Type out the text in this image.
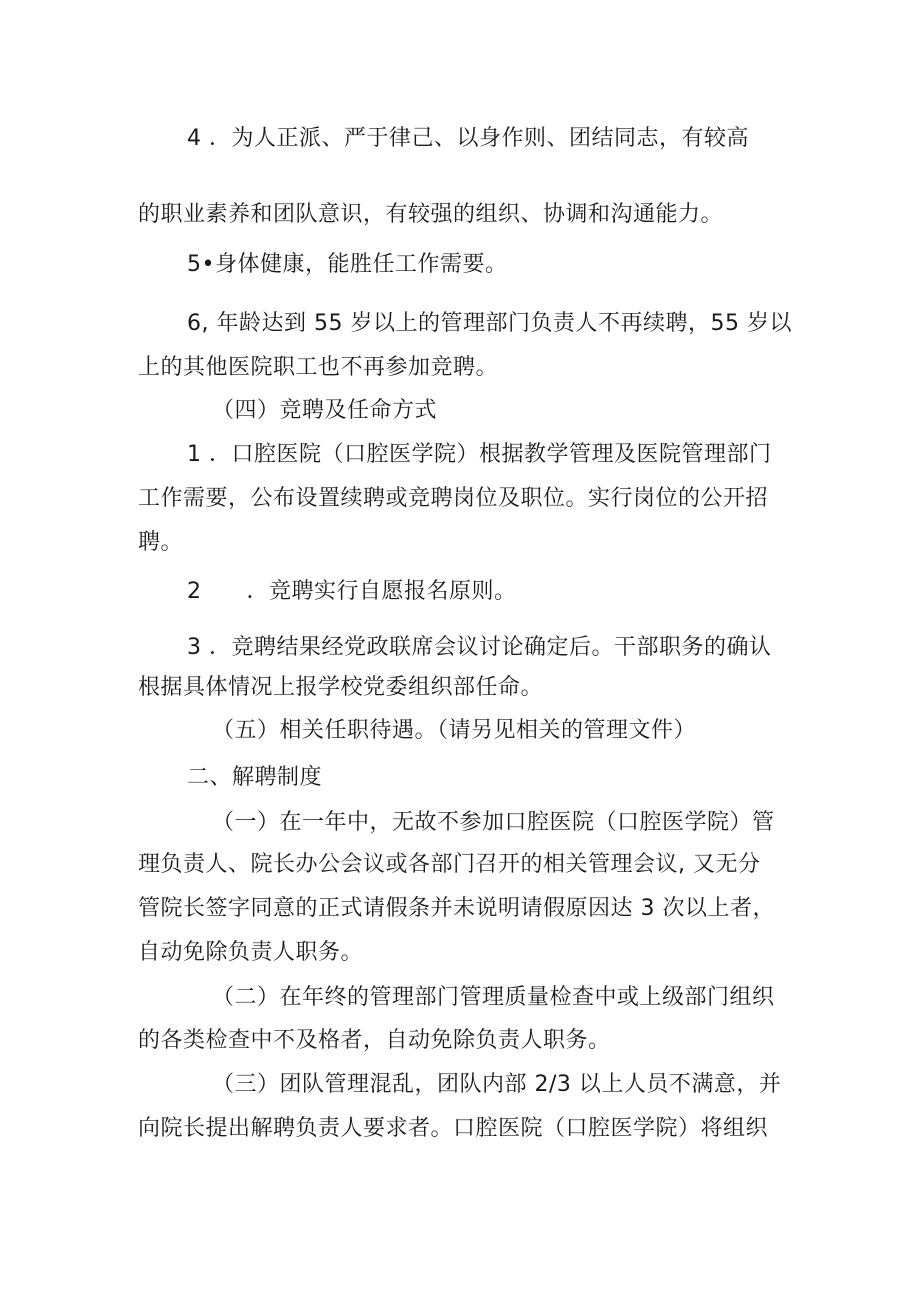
4 ．为人正派、严于律己、以身作则、团结同志，有较高
的职业素养和团队意识，有较强的组织、协调和沟通能力。
5•身体健康，能胜任工作需要。
6, 年龄达到 55 岁以上的管理部门负责人不再续聘，55 岁以
上的其他医院职工也不再参加竞聘。
（四）竞聘及任命方式
1 ．口腔医院（口腔医学院）根据教学管理及医院管理部门
工作需要，公布设置续聘或竞聘岗位及职位。实行岗位的公开招
聘。
2　　．竞聘实行自愿报名原则。
3 ．竞聘结果经党政联席会议讨论确定后。干部职务的确认
根据具体情况上报学校党委组织部任命。
（五）相关任职待遇。（请另见相关的管理文件）
二、解聘制度
（一）在一年中，无故不参加口腔医院（口腔医学院）管
理负责人、院长办公会议或各部门召开的相关管理会议, 又无分
管院长签字同意的正式请假条并未说明请假原因达 3 次以上者，
自动免除负责人职务。
（二）在年终的管理部门管理质量检查中或上级部门组织
的各类检查中不及格者，自动免除负责人职务。
（三）团队管理混乱，团队内部 2/3 以上人员不满意，并
向院长提出解聘负责人要求者。口腔医院（口腔医学院）将组织
